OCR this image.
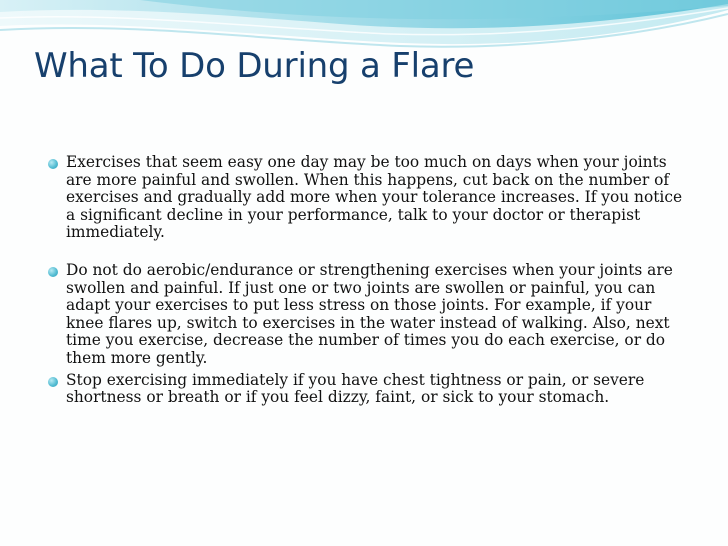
What To Do During a Flare

Exercises that seem easy one day may be too much on days when your joints are more painful and swollen. When this happens, cut back on the number of exercises and gradually add more when your tolerance increases. If you notice a significant decline in your performance, talk to your doctor or therapist immediately.

Do not do aerobic/endurance or strengthening exercises when your joints are swollen and painful. If just one or two joints are swollen or painful, you can adapt your exercises to put less stress on those joints. For example, if your knee flares up, switch to exercises in the water instead of walking. Also, next time you exercise, decrease the number of times you do each exercise, or do them more gently.

Stop exercising immediately if you have chest tightness or pain, or severe shortness or breath or if you feel dizzy, faint, or sick to your stomach.
